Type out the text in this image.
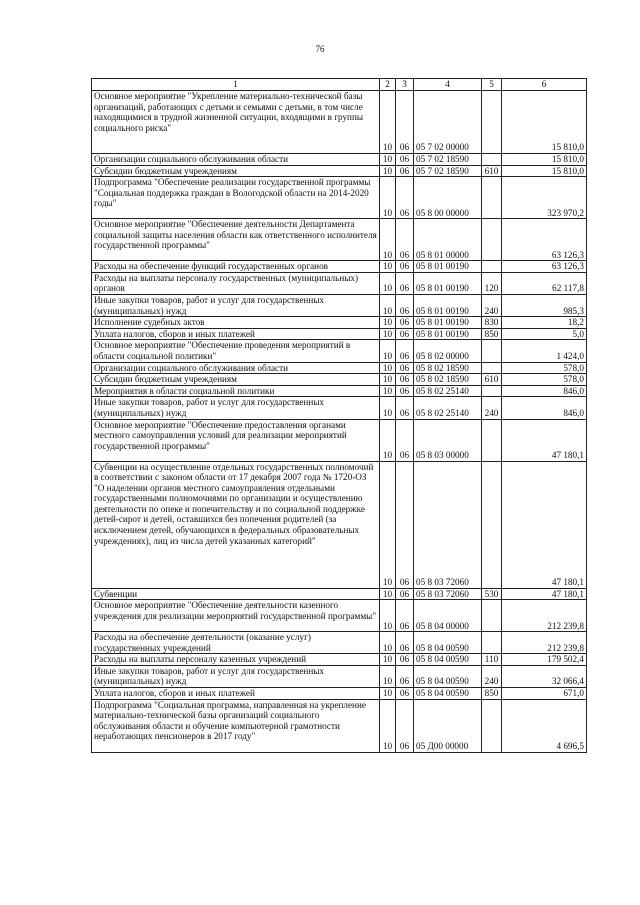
76
1	2	3	4	5	6
Основное мероприятие "Укрепление материально-технической базы организаций, работающих с детьми и семьями с детьми, в том числе находящимися в трудной жизненной ситуации, входящими в группы социального риска"	10	06	05 7 02 00000		15 810,0
Организации социального обслуживания области	10	06	05 7 02 18590		15 810,0
Субсидии бюджетным учреждениям	10	06	05 7 02 18590	610	15 810,0
Подпрограмма "Обеспечение реализации государственной программы "Социальная поддержка граждан в Вологодской области на 2014-2020 годы"	10	06	05 8 00 00000		323 970,2
Основное мероприятие "Обеспечение деятельности Департамента социальной защиты населения области как ответственного исполнителя государственной программы"	10	06	05 8 01 00000		63 126,3
Расходы на обеспечение функций государственных органов	10	06	05 8 01 00190		63 126,3
Расходы на выплаты персоналу государственных (муниципальных) органов	10	06	05 8 01 00190	120	62 117,8
Иные закупки товаров, работ и услуг для государственных (муниципальных) нужд	10	06	05 8 01 00190	240	985,3
Исполнение судебных актов	10	06	05 8 01 00190	830	18,2
Уплата налогов, сборов и иных платежей	10	06	05 8 01 00190	850	5,0
Основное мероприятие "Обеспечение проведения мероприятий в области социальной политики"	10	06	05 8 02 00000		1 424,0
Организации социального обслуживания области	10	06	05 8 02 18590		578,0
Субсидии бюджетным учреждениям	10	06	05 8 02 18590	610	578,0
Мероприятия в области социальной политики	10	06	05 8 02 25140		846,0
Иные закупки товаров, работ и услуг для государственных (муниципальных) нужд	10	06	05 8 02 25140	240	846,0
Основное мероприятие "Обеспечение предоставления органами местного самоуправления условий для реализации мероприятий государственной программы"	10	06	05 8 03 00000		47 180,1
Субвенции на осуществление отдельных государственных полномочий в соответствии с законом области от 17 декабря 2007 года № 1720-ОЗ "О наделении органов местного самоуправления отдельными государственными полномочиями по организации и осуществлению деятельности по опеке и попечительству и по социальной поддержке детей-сирот и детей, оставшихся без попечения родителей (за исключением детей, обучающихся в федеральных образовательных учреждениях), лиц из числа детей указанных категорий"	10	06	05 8 03 72060		47 180,1
Субвенции	10	06	05 8 03 72060	530	47 180,1
Основное мероприятие "Обеспечение деятельности казенного учреждения для реализации мероприятий государственной программы"	10	06	05 8 04 00000		212 239,8
Расходы на обеспечение деятельности (оказание услуг) государственных учреждений	10	06	05 8 04 00590		212 239,8
Расходы на выплаты персоналу казенных учреждений	10	06	05 8 04 00590	110	179 502,4
Иные закупки товаров, работ и услуг для государственных (муниципальных) нужд	10	06	05 8 04 00590	240	32 066,4
Уплата налогов, сборов и иных платежей	10	06	05 8 04 00590	850	671,0
Подпрограмма "Социальная программа, направленная на укрепление материально-технической базы организаций социального обслуживания области и обучение компьютерной грамотности неработающих пенсионеров в 2017 году"	10	06	05 Д00 00000		4 696,5
